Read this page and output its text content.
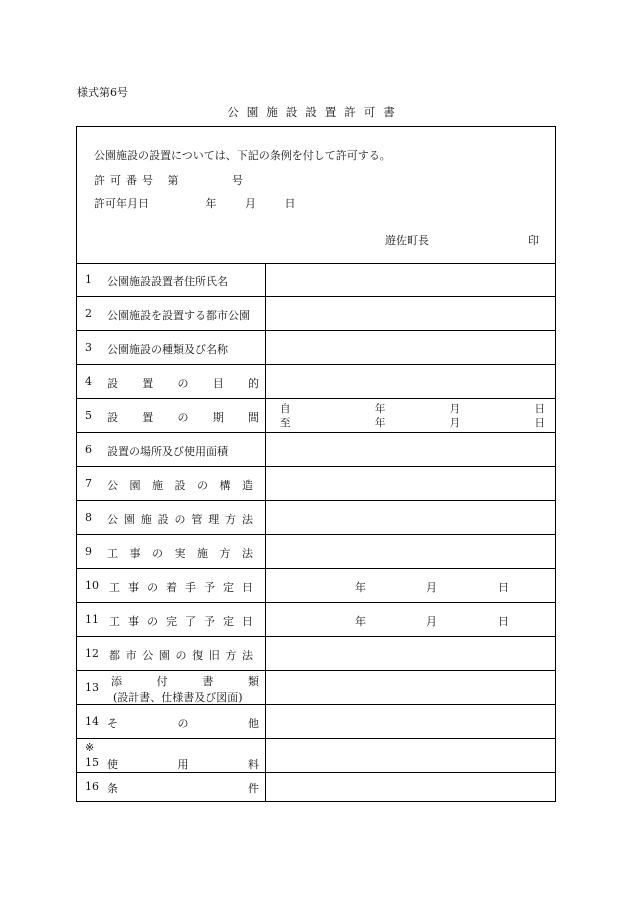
様式第6号
公園施設設置許可書
公園施設の設置については、下記の条例を付して許可する。
許可番号 第	号
許可年月日	年	月	日
遊佐町長	印
1 公園施設設置者住所氏名
2 公園施設を設置する都市公園
3 公園施設の種類及び名称
4 設 置 の 目 的
5 設 置 の 期 間
自	年	月	日
至	年	月	日
6 設置の場所及び使用面積
7 公 園 施 設 の 構 造
8 公 園 施 設 の 管 理 方 法
9 工 事 の 実 施 方 法
10 工 事 の 着 手 予 定 日	年	月	日
11 工 事 の 完 了 予 定 日	年	月	日
12 都 市 公 園 の 復 旧 方 法
13 添	付	書	類
(設計書、仕様書及び図面)
14 そ	の	他
※
15 使	用	料
16 条	件
